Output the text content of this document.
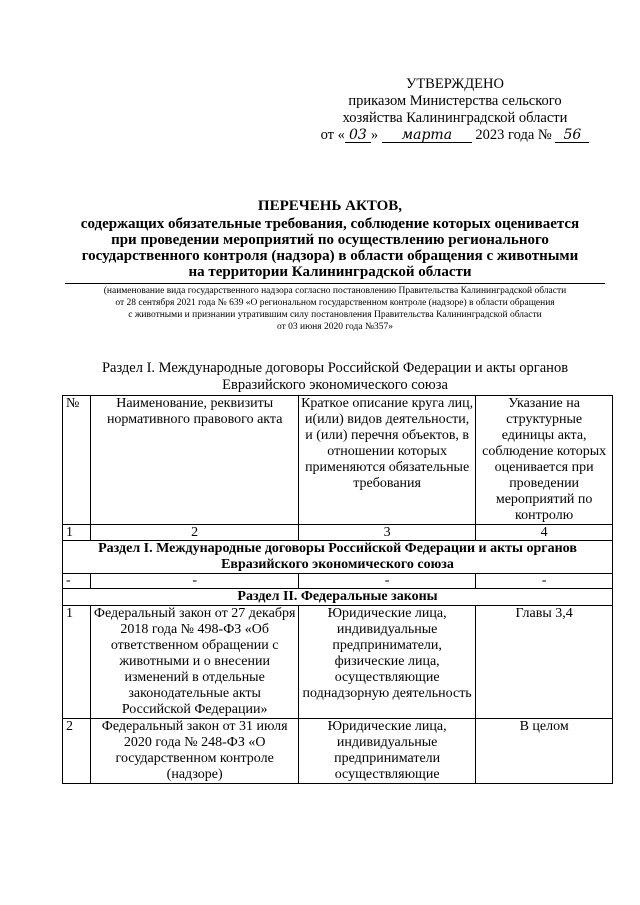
УТВЕРЖДЕНО
приказом Министерства сельского
хозяйства Калининградской области
от « 03 » марта 2023 года № 56
ПЕРЕЧЕНЬ АКТОВ,
содержащих обязательные требования, соблюдение которых оценивается
при проведении мероприятий по осуществлению регионального
государственного контроля (надзора) в области обращения с животными
на территории Калининградской области
(наименование вида государственного надзора согласно постановлению Правительства Калининградской области
от 28 сентября 2021 года № 639 «О региональном государственном контроле (надзоре) в области обращения
с животными и признании утратившим силу постановления Правительства Калининградской области
от 03 июня 2020 года №357»
Раздел I. Международные договоры Российской Федерации и акты органов
Евразийского экономического союза
№	Наименование, реквизиты нормативного правового акта	Краткое описание круга лиц, и(или) видов деятельности, и (или) перечня объектов, в отношении которых применяются обязательные требования	Указание на структурные единицы акта, соблюдение которых оценивается при проведении мероприятий по контролю
1	2	3	4

Раздел I. Международные договоры Российской Федерации и акты органов
Евразийского экономического союза			

-	-	-	-
Раздел II. Федеральные законы			
1	Федеральный закон от 27 декабря 2018 года № 498-ФЗ «Об ответственном обращении с животными и о внесении изменений в отдельные законодательные акты Российской Федерации»	Юридические лица, индивидуальные предприниматели, физические лица, осуществляющие поднадзорную деятельность	Главы 3,4
2	Федеральный закон от 31 июля 2020 года № 248-ФЗ «О государственном контроле (надзоре)	Юридические лица, индивидуальные предприниматели осуществляющие	В целом
